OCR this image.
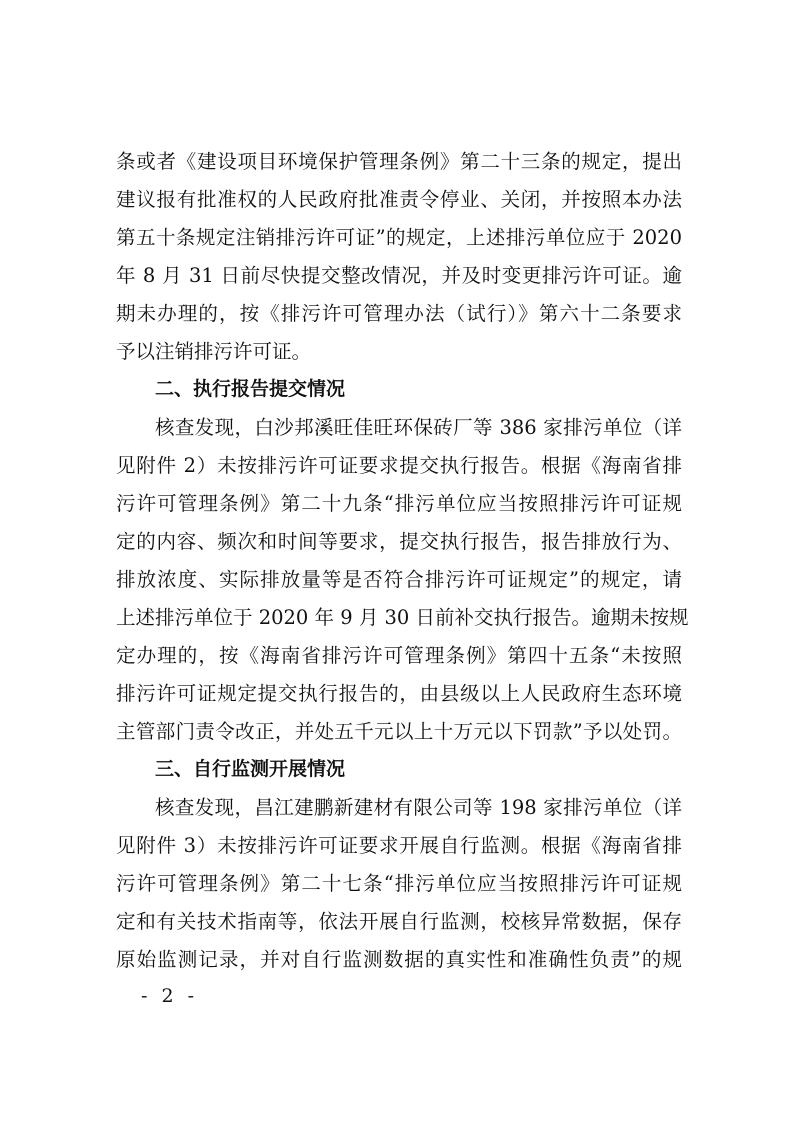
条或者《建设项目环境保护管理条例》第二十三条的规定，提出
建议报有批准权的人民政府批准责令停业、关闭，并按照本办法
第五十条规定注销排污许可证”的规定，上述排污单位应于 2020
年 8 月 31 日前尽快提交整改情况，并及时变更排污许可证。逾
期未办理的，按《排污许可管理办法（试行）》第六十二条要求
予以注销排污许可证。
二、执行报告提交情况
核查发现，白沙邦溪旺佳旺环保砖厂等 386 家排污单位（详
见附件 2）未按排污许可证要求提交执行报告。根据《海南省排
污许可管理条例》第二十九条“排污单位应当按照排污许可证规
定的内容、频次和时间等要求，提交执行报告，报告排放行为、
排放浓度、实际排放量等是否符合排污许可证规定”的规定，请
上述排污单位于 2020 年 9 月 30 日前补交执行报告。逾期未按规
定办理的，按《海南省排污许可管理条例》第四十五条“未按照
排污许可证规定提交执行报告的，由县级以上人民政府生态环境
主管部门责令改正，并处五千元以上十万元以下罚款”予以处罚。
三、自行监测开展情况
核查发现，昌江建鹏新建材有限公司等 198 家排污单位（详
见附件 3）未按排污许可证要求开展自行监测。根据《海南省排
污许可管理条例》第二十七条“排污单位应当按照排污许可证规
定和有关技术指南等，依法开展自行监测，校核异常数据，保存
原始监测记录，并对自行监测数据的真实性和准确性负责”的规
- 2 -
